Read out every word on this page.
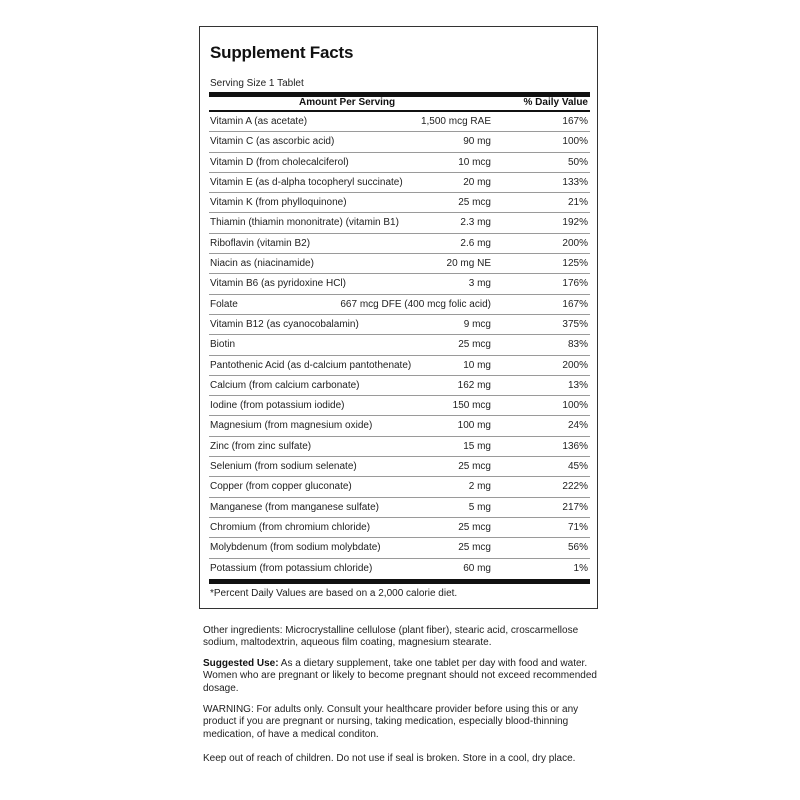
Supplement Facts
Serving Size 1 Tablet
Amount Per Serving	% Daily Value
Vitamin A (as acetate)	1,500 mcg RAE	167%
Vitamin C (as ascorbic acid)	90 mg	100%
Vitamin D (from cholecalciferol)	10 mcg	50%
Vitamin E (as d-alpha tocopheryl succinate)	20 mg	133%
Vitamin K (from phylloquinone)	25 mcg	21%
Thiamin (thiamin mononitrate) (vitamin B1)	2.3 mg	192%
Riboflavin (vitamin B2)	2.6 mg	200%
Niacin as (niacinamide)	20 mg NE	125%
Vitamin B6 (as pyridoxine HCl)	3 mg	176%
Folate	667 mcg DFE (400 mcg folic acid)	167%
Vitamin B12 (as cyanocobalamin)	9 mcg	375%
Biotin	25 mcg	83%
Pantothenic Acid (as d-calcium pantothenate)	10 mg	200%
Calcium (from calcium carbonate)	162 mg	13%
Iodine (from potassium iodide)	150 mcg	100%
Magnesium (from magnesium oxide)	100 mg	24%
Zinc (from zinc sulfate)	15 mg	136%
Selenium (from sodium selenate)	25 mcg	45%
Copper (from copper gluconate)	2 mg	222%
Manganese (from manganese sulfate)	5 mg	217%
Chromium (from chromium chloride)	25 mcg	71%
Molybdenum (from sodium molybdate)	25 mcg	56%
Potassium (from potassium chloride)	60 mg	1%
*Percent Daily Values are based on a 2,000 calorie diet.
Other ingredients: Microcrystalline cellulose (plant fiber), stearic acid, croscarmellose sodium, maltodextrin, aqueous film coating, magnesium stearate.
Suggested Use: As a dietary supplement, take one tablet per day with food and water. Women who are pregnant or likely to become pregnant should not exceed recommended dosage.
WARNING: For adults only. Consult your healthcare provider before using this or any product if you are pregnant or nursing, taking medication, especially blood-thinning medication, of have a medical conditon.
Keep out of reach of children. Do not use if seal is broken. Store in a cool, dry place.
